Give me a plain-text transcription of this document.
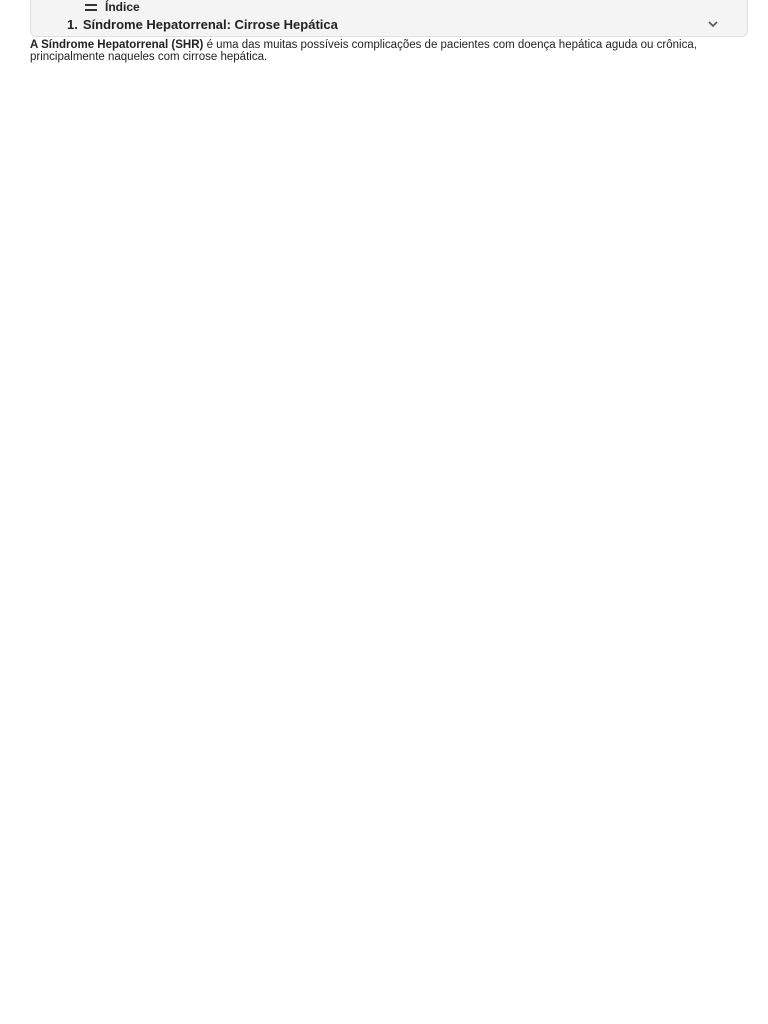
Índice
1. Síndrome Hepatorrenal: Cirrose Hepática

A Síndrome Hepatorrenal (SHR) é uma das muitas possíveis complicações de pacientes com doença hepática aguda ou crônica, principalmente naqueles com cirrose hepática.
